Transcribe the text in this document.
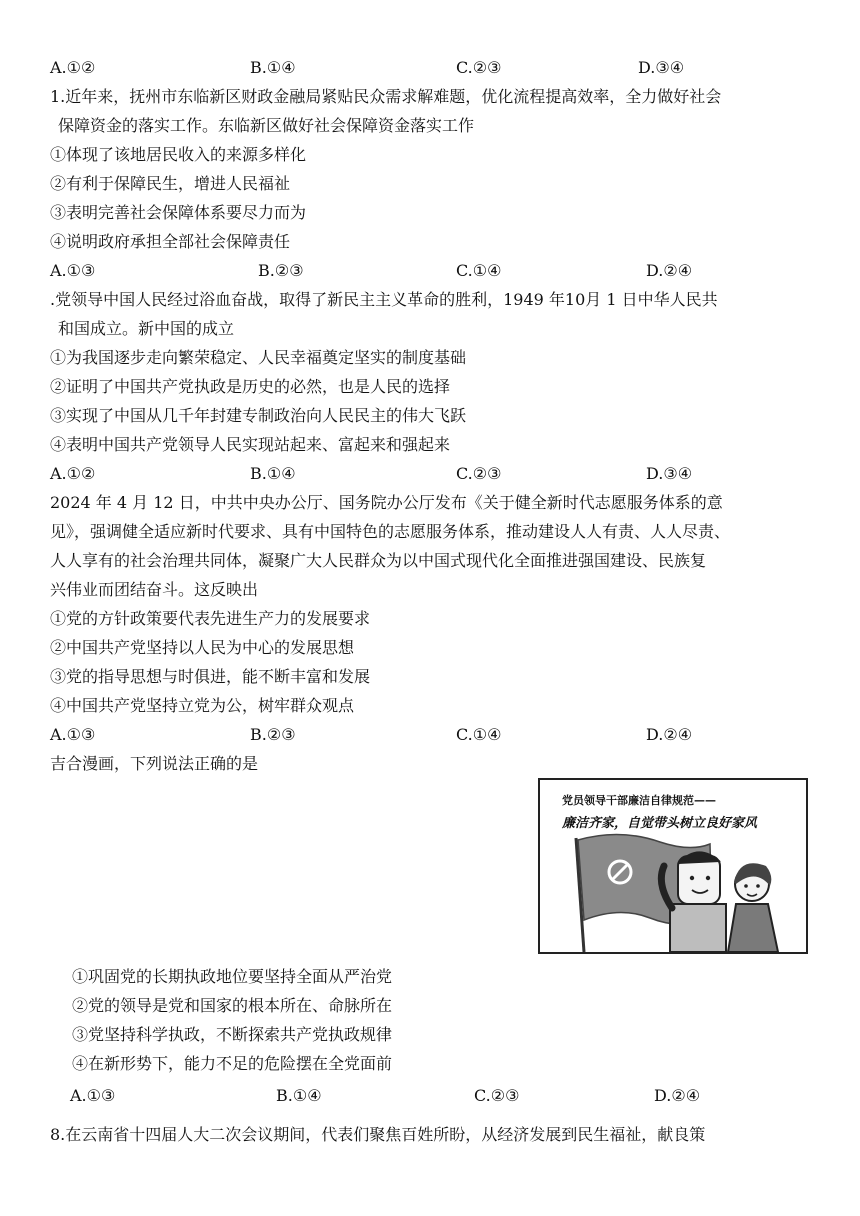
A.①②	B.①④	C.②③	D.③④
1.近年来，抚州市东临新区财政金融局紧贴民众需求解难题，优化流程提高效率，全力做好社会
保障资金的落实工作。东临新区做好社会保障资金落实工作
①体现了该地居民收入的来源多样化
②有利于保障民生，增进人民福祉
③表明完善社会保障体系要尽力而为
④说明政府承担全部社会保障责任
A.①③	B.②③	C.①④	D.②④
.党领导中国人民经过浴血奋战，取得了新民主主义革命的胜利，1949 年10月 1 日中华人民共
和国成立。新中国的成立
①为我国逐步走向繁荣稳定、人民幸福奠定坚实的制度基础
②证明了中国共产党执政是历史的必然，也是人民的选择
③实现了中国从几千年封建专制政治向人民民主的伟大飞跃
④表明中国共产党领导人民实现站起来、富起来和强起来
A.①②	B.①④	C.②③	D.③④
2024 年 4 月 12 日，中共中央办公厅、国务院办公厅发布《关于健全新时代志愿服务体系的意
见》，强调健全适应新时代要求、具有中国特色的志愿服务体系，推动建设人人有责、人人尽责、
人人享有的社会治理共同体，凝聚广大人民群众为以中国式现代化全面推进强国建设、民族复
兴伟业而团结奋斗。这反映出
①党的方针政策要代表先进生产力的发展要求
②中国共产党坚持以人民为中心的发展思想
③党的指导思想与时俱进，能不断丰富和发展
④中国共产党坚持立党为公，树牢群众观点
A.①③	B.②③	C.①④	D.②④
吉合漫画，下列说法正确的是
党员领导干部廉洁自律规范——
廉洁齐家，自觉带头树立良好家风
①巩固党的长期执政地位要坚持全面从严治党
②党的领导是党和国家的根本所在、命脉所在
③党坚持科学执政，不断探索共产党执政规律
④在新形势下，能力不足的危险摆在全党面前
A.①③	B.①④	C.②③	D.②④
8.在云南省十四届人大二次会议期间，代表们聚焦百姓所盼，从经济发展到民生福祉，献良策
